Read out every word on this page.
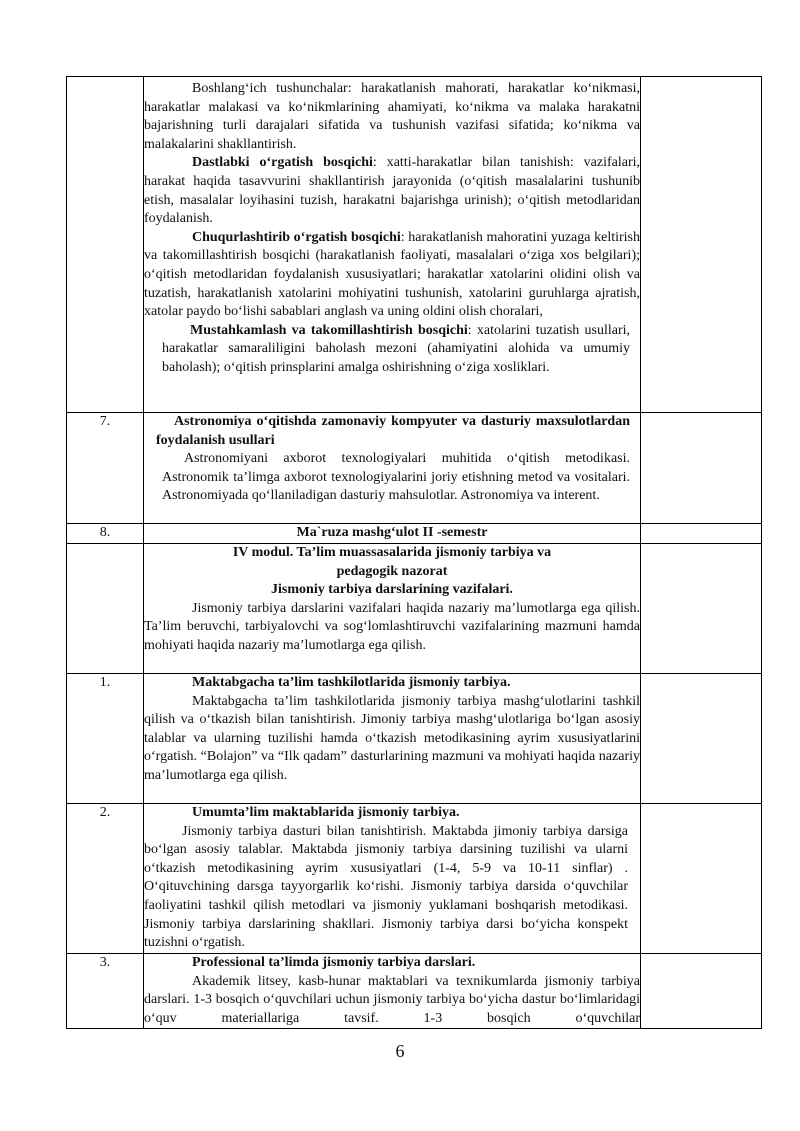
	Boshlang‘ich tushunchalar: harakatlanish mahorati, harakatlar ko‘nikmasi, harakatlar malakasi va ko‘nikmlarining ahamiyati, ko‘nikma va malaka harakatni bajarishning turli darajalari sifatida va tushunish vazifasi sifatida; ko‘nikma va malakalarini shakllantirish.

Dastlabki o‘rgatish bosqichi: xatti-harakatlar bilan tanishish: vazifalari, harakat haqida tasavvurini shakllantirish jarayonida (o‘qitish masalalarini tushunib etish, masalalar loyihasini tuzish, harakatni bajarishga urinish); o‘qitish metodlaridan foydalanish.

Chuqurlashtirib o‘rgatish bosqichi: harakatlanish mahoratini yuzaga keltirish va takomillashtirish bosqichi (harakatlanish faoliyati, masalalari o‘ziga xos belgilari); o‘qitish metodlaridan foydalanish xususiyatlari; harakatlar xatolarini olidini olish va tuzatish, harakatlanish xatolarini mohiyatini tushunish, xatolarini guruhlarga ajratish, xatolar paydo bo‘lishi sabablari anglash va uning oldini olish choralari,

Mustahkamlash va takomillashtirish bosqichi: xatolarini tuzatish usullari, harakatlar samaraliligini baholash mezoni (ahamiyatini alohida va umumiy baholash); o‘qitish prinsplarini amalga oshirishning o‘ziga xosliklari.	

7.	Astronomiya o‘qitishda zamonaviy kompyuter va dasturiy maxsulotlardan foydalanish usullari

Astronomiyani axborot texnologiyalari muhitida o‘qitish metodikasi. Astronomik ta’limga axborot texnologiyalarini joriy etishning metod va vositalari. Astronomiyada qo‘llaniladigan dasturiy mahsulotlar. Astronomiya va interent.	

8.	Ma`ruza mashg‘ulot II -semestr	

	IV modul. Ta’lim muassasalarida jismoniy tarbiya va pedagogik nazorat

Jismoniy tarbiya darslarining vazifalari.

Jismoniy tarbiya darslarini vazifalari haqida nazariy ma’lumotlarga ega qilish. Ta’lim beruvchi, tarbiyalovchi va sog‘lomlashtiruvchi vazifalarining mazmuni hamda mohiyati haqida nazariy ma’lumotlarga ega qilish.	

1.	Maktabgacha ta’lim tashkilotlarida jismoniy tarbiya.

Maktabgacha ta’lim tashkilotlarida jismoniy tarbiya mashg‘ulotlarini tashkil qilish va o‘tkazish bilan tanishtirish. Jimoniy tarbiya mashg‘ulotlariga bo‘lgan asosiy talablar va ularning tuzilishi hamda o‘tkazish metodikasining ayrim xususiyatlarini o‘rgatish. “Bolajon” va “Ilk qadam” dasturlarining mazmuni va mohiyati haqida nazariy ma’lumotlarga ega qilish.	

2.	Umumta’lim maktablarida jismoniy tarbiya.

Jismoniy tarbiya dasturi bilan tanishtirish. Maktabda jimoniy tarbiya darsiga bo‘lgan asosiy talablar. Maktabda jismoniy tarbiya darsining tuzilishi va ularni o‘tkazish metodikasining ayrim xususiyatlari (1-4, 5-9 va 10-11 sinflar) . O‘qituvchining darsga tayyorgarlik ko‘rishi. Jismoniy tarbiya darsida o‘quvchilar faoliyatini tashkil qilish metodlari va jismoniy yuklamani boshqarish metodikasi. Jismoniy tarbiya darslarining shakllari. Jismoniy tarbiya darsi bo‘yicha konspekt tuzishni o‘rgatish.	

3.	Professional ta’limda jismoniy tarbiya darslari.

Akademik litsey, kasb-hunar maktablari va texnikumlarda jismoniy tarbiya darslari. 1-3 bosqich o‘quvchilari uchun jismoniy tarbiya bo‘yicha dastur bo‘limlaridagi o‘quv materiallariga tavsif. 1-3 bosqich o‘quvchilar	

6
